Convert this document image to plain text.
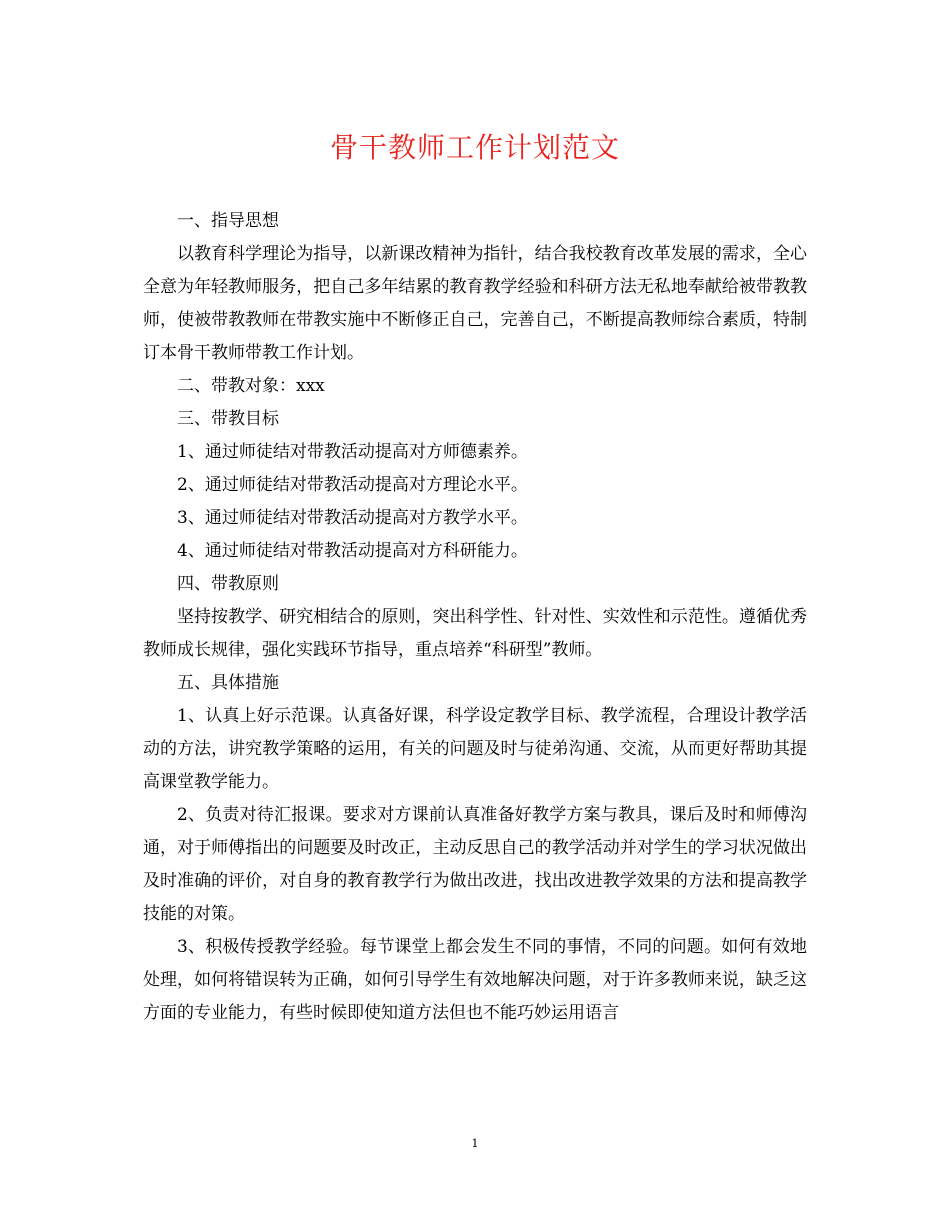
骨干教师工作计划范文

一、指导思想

以教育科学理论为指导，以新课改精神为指针，结合我校教育改革发展的需求，全心全意为年轻教师服务，把自己多年结累的教育教学经验和科研方法无私地奉献给被带教教师，使被带教教师在带教实施中不断修正自己，完善自己，不断提高教师综合素质，特制订本骨干教师带教工作计划。

二、带教对象：xxx

三、带教目标

1、通过师徒结对带教活动提高对方师德素养。

2、通过师徒结对带教活动提高对方理论水平。

3、通过师徒结对带教活动提高对方教学水平。

4、通过师徒结对带教活动提高对方科研能力。

四、带教原则

坚持按教学、研究相结合的原则，突出科学性、针对性、实效性和示范性。遵循优秀教师成长规律，强化实践环节指导，重点培养“科研型”教师。

五、具体措施

1、认真上好示范课。认真备好课，科学设定教学目标、教学流程，合理设计教学活动的方法，讲究教学策略的运用，有关的问题及时与徒弟沟通、交流，从而更好帮助其提高课堂教学能力。

2、负责对待汇报课。要求对方课前认真准备好教学方案与教具，课后及时和师傅沟通，对于师傅指出的问题要及时改正，主动反思自己的教学活动并对学生的学习状况做出及时准确的评价，对自身的教育教学行为做出改进，找出改进教学效果的方法和提高教学技能的对策。

3、积极传授教学经验。每节课堂上都会发生不同的事情，不同的问题。如何有效地处理，如何将错误转为正确，如何引导学生有效地解决问题，对于许多教师来说，缺乏这方面的专业能力，有些时候即使知道方法但也不能巧妙运用语言

1
